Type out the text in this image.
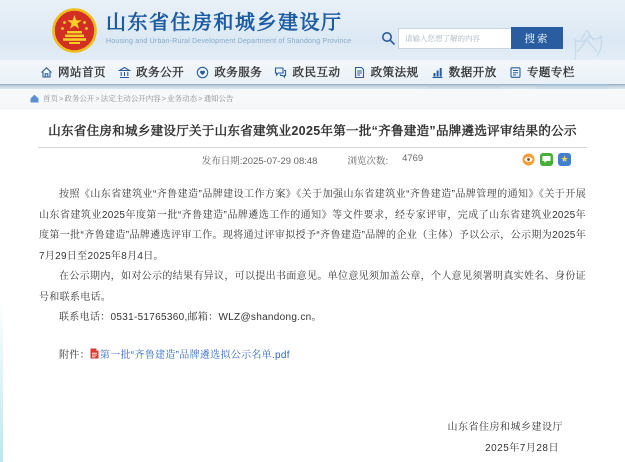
山东省住房和城乡建设厅
Housing and Urban-Rural Development Department of Shandong Province
请输入您想了解的内容	搜索
网站首页	政务公开	政务服务	政民互动	政策法规	数据开放	专题专栏
首页 > 政务公开 > 法定主动公开内容 > 业务动态 > 通知公告
山东省住房和城乡建设厅关于山东省建筑业2025年第一批“齐鲁建造”品牌遴选评审结果的公示
发布日期:2025-07-29 08:48	浏览次数: 4769	★

按照《山东省建筑业“齐鲁建造”品牌建设工作方案》《关于加强山东省建筑业“齐鲁建造”品牌管理的通知》《关于开展山东省建筑业2025年度第一批“齐鲁建造”品牌遴选工作的通知》等文件要求，经专家评审，完成了山东省建筑业2025年度第一批“齐鲁建造”品牌遴选评审工作。现将通过评审拟授予“齐鲁建造”品牌的企业（主体）予以公示，公示期为2025年7月29日至2025年8月4日。

在公示期内，如对公示的结果有异议，可以提出书面意见。单位意见须加盖公章，个人意见须署明真实姓名、身份证号和联系电话。

联系电话：0531-51765360,邮箱：WLZ@shandong.cn。

附件： 第一批“齐鲁建造”品牌遴选拟公示名单.pdf
山东省住房和城乡建设厅
2025年7月28日
